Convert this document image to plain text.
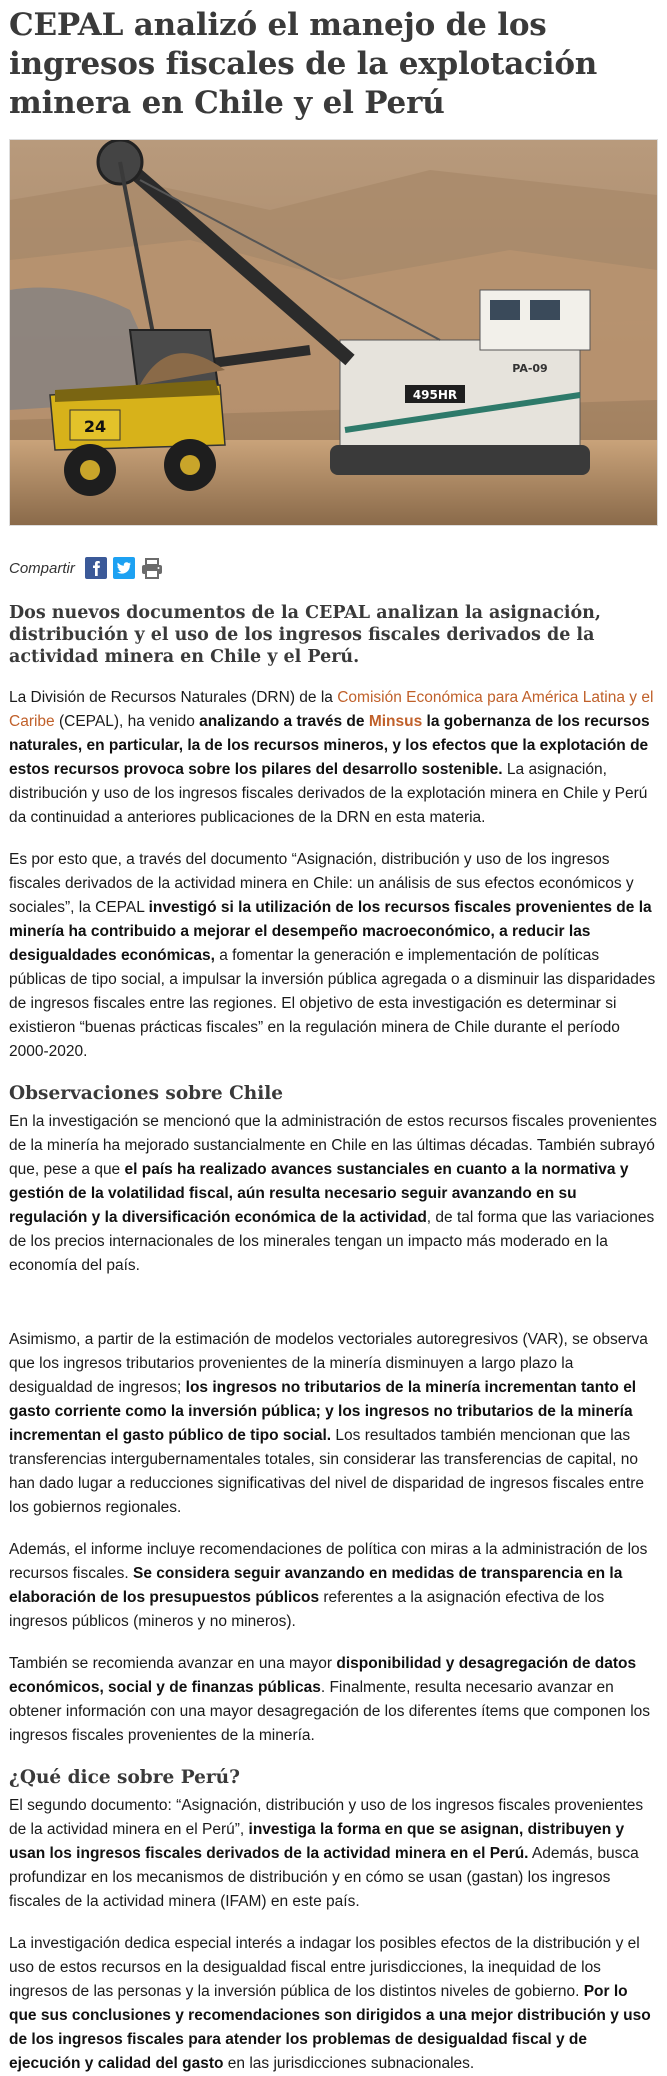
CEPAL analizó el manejo de los ingresos fiscales de la explotación minera en Chile y el Perú
495HR
PA-09
24
Compartir
Dos nuevos documentos de la CEPAL analizan la asignación, distribución y el uso de los ingresos fiscales derivados de la actividad minera en Chile y el Perú.

La División de Recursos Naturales (DRN) de la Comisión Económica para América Latina y el Caribe (CEPAL), ha venido analizando a través de Minsus la gobernanza de los recursos naturales, en particular, la de los recursos mineros, y los efectos que la explotación de estos recursos provoca sobre los pilares del desarrollo sostenible. La asignación, distribución y uso de los ingresos fiscales derivados de la explotación minera en Chile y Perú da continuidad a anteriores publicaciones de la DRN en esta materia.

Es por esto que, a través del documento “Asignación, distribución y uso de los ingresos fiscales derivados de la actividad minera en Chile: un análisis de sus efectos económicos y sociales”, la CEPAL investigó si la utilización de los recursos fiscales provenientes de la minería ha contribuido a mejorar el desempeño macroeconómico, a reducir las desigualdades económicas, a fomentar la generación e implementación de políticas públicas de tipo social, a impulsar la inversión pública agregada o a disminuir las disparidades de ingresos fiscales entre las regiones. El objetivo de esta investigación es determinar si existieron “buenas prácticas fiscales” en la regulación minera de Chile durante el período 2000-2020.

Observaciones sobre Chile

En la investigación se mencionó que la administración de estos recursos fiscales provenientes de la minería ha mejorado sustancialmente en Chile en las últimas décadas. También subrayó que, pese a que el país ha realizado avances sustanciales en cuanto a la normativa y gestión de la volatilidad fiscal, aún resulta necesario seguir avanzando en su regulación y la diversificación económica de la actividad, de tal forma que las variaciones de los precios internacionales de los minerales tengan un impacto más moderado en la economía del país.

Asimismo, a partir de la estimación de modelos vectoriales autoregresivos (VAR), se observa que los ingresos tributarios provenientes de la minería disminuyen a largo plazo la desigualdad de ingresos; los ingresos no tributarios de la minería incrementan tanto el gasto corriente como la inversión pública; y los ingresos no tributarios de la minería incrementan el gasto público de tipo social. Los resultados también mencionan que las transferencias intergubernamentales totales, sin considerar las transferencias de capital, no han dado lugar a reducciones significativas del nivel de disparidad de ingresos fiscales entre los gobiernos regionales.

Además, el informe incluye recomendaciones de política con miras a la administración de los recursos fiscales. Se considera seguir avanzando en medidas de transparencia en la elaboración de los presupuestos públicos referentes a la asignación efectiva de los ingresos públicos (mineros y no mineros).

También se recomienda avanzar en una mayor disponibilidad y desagregación de datos económicos, social y de finanzas públicas. Finalmente, resulta necesario avanzar en obtener información con una mayor desagregación de los diferentes ítems que componen los ingresos fiscales provenientes de la minería.

¿Qué dice sobre Perú?

El segundo documento: “Asignación, distribución y uso de los ingresos fiscales provenientes de la actividad minera en el Perú”, investiga la forma en que se asignan, distribuyen y usan los ingresos fiscales derivados de la actividad minera en el Perú. Además, busca profundizar en los mecanismos de distribución y en cómo se usan (gastan) los ingresos fiscales de la actividad minera (IFAM) en este país.

La investigación dedica especial interés a indagar los posibles efectos de la distribución y el uso de estos recursos en la desigualdad fiscal entre jurisdicciones, la inequidad de los ingresos de las personas y la inversión pública de los distintos niveles de gobierno. Por lo que sus conclusiones y recomendaciones son dirigidos a una mejor distribución y uso de los ingresos fiscales para atender los problemas de desigualdad fiscal y de ejecución y calidad del gasto en las jurisdicciones subnacionales.
